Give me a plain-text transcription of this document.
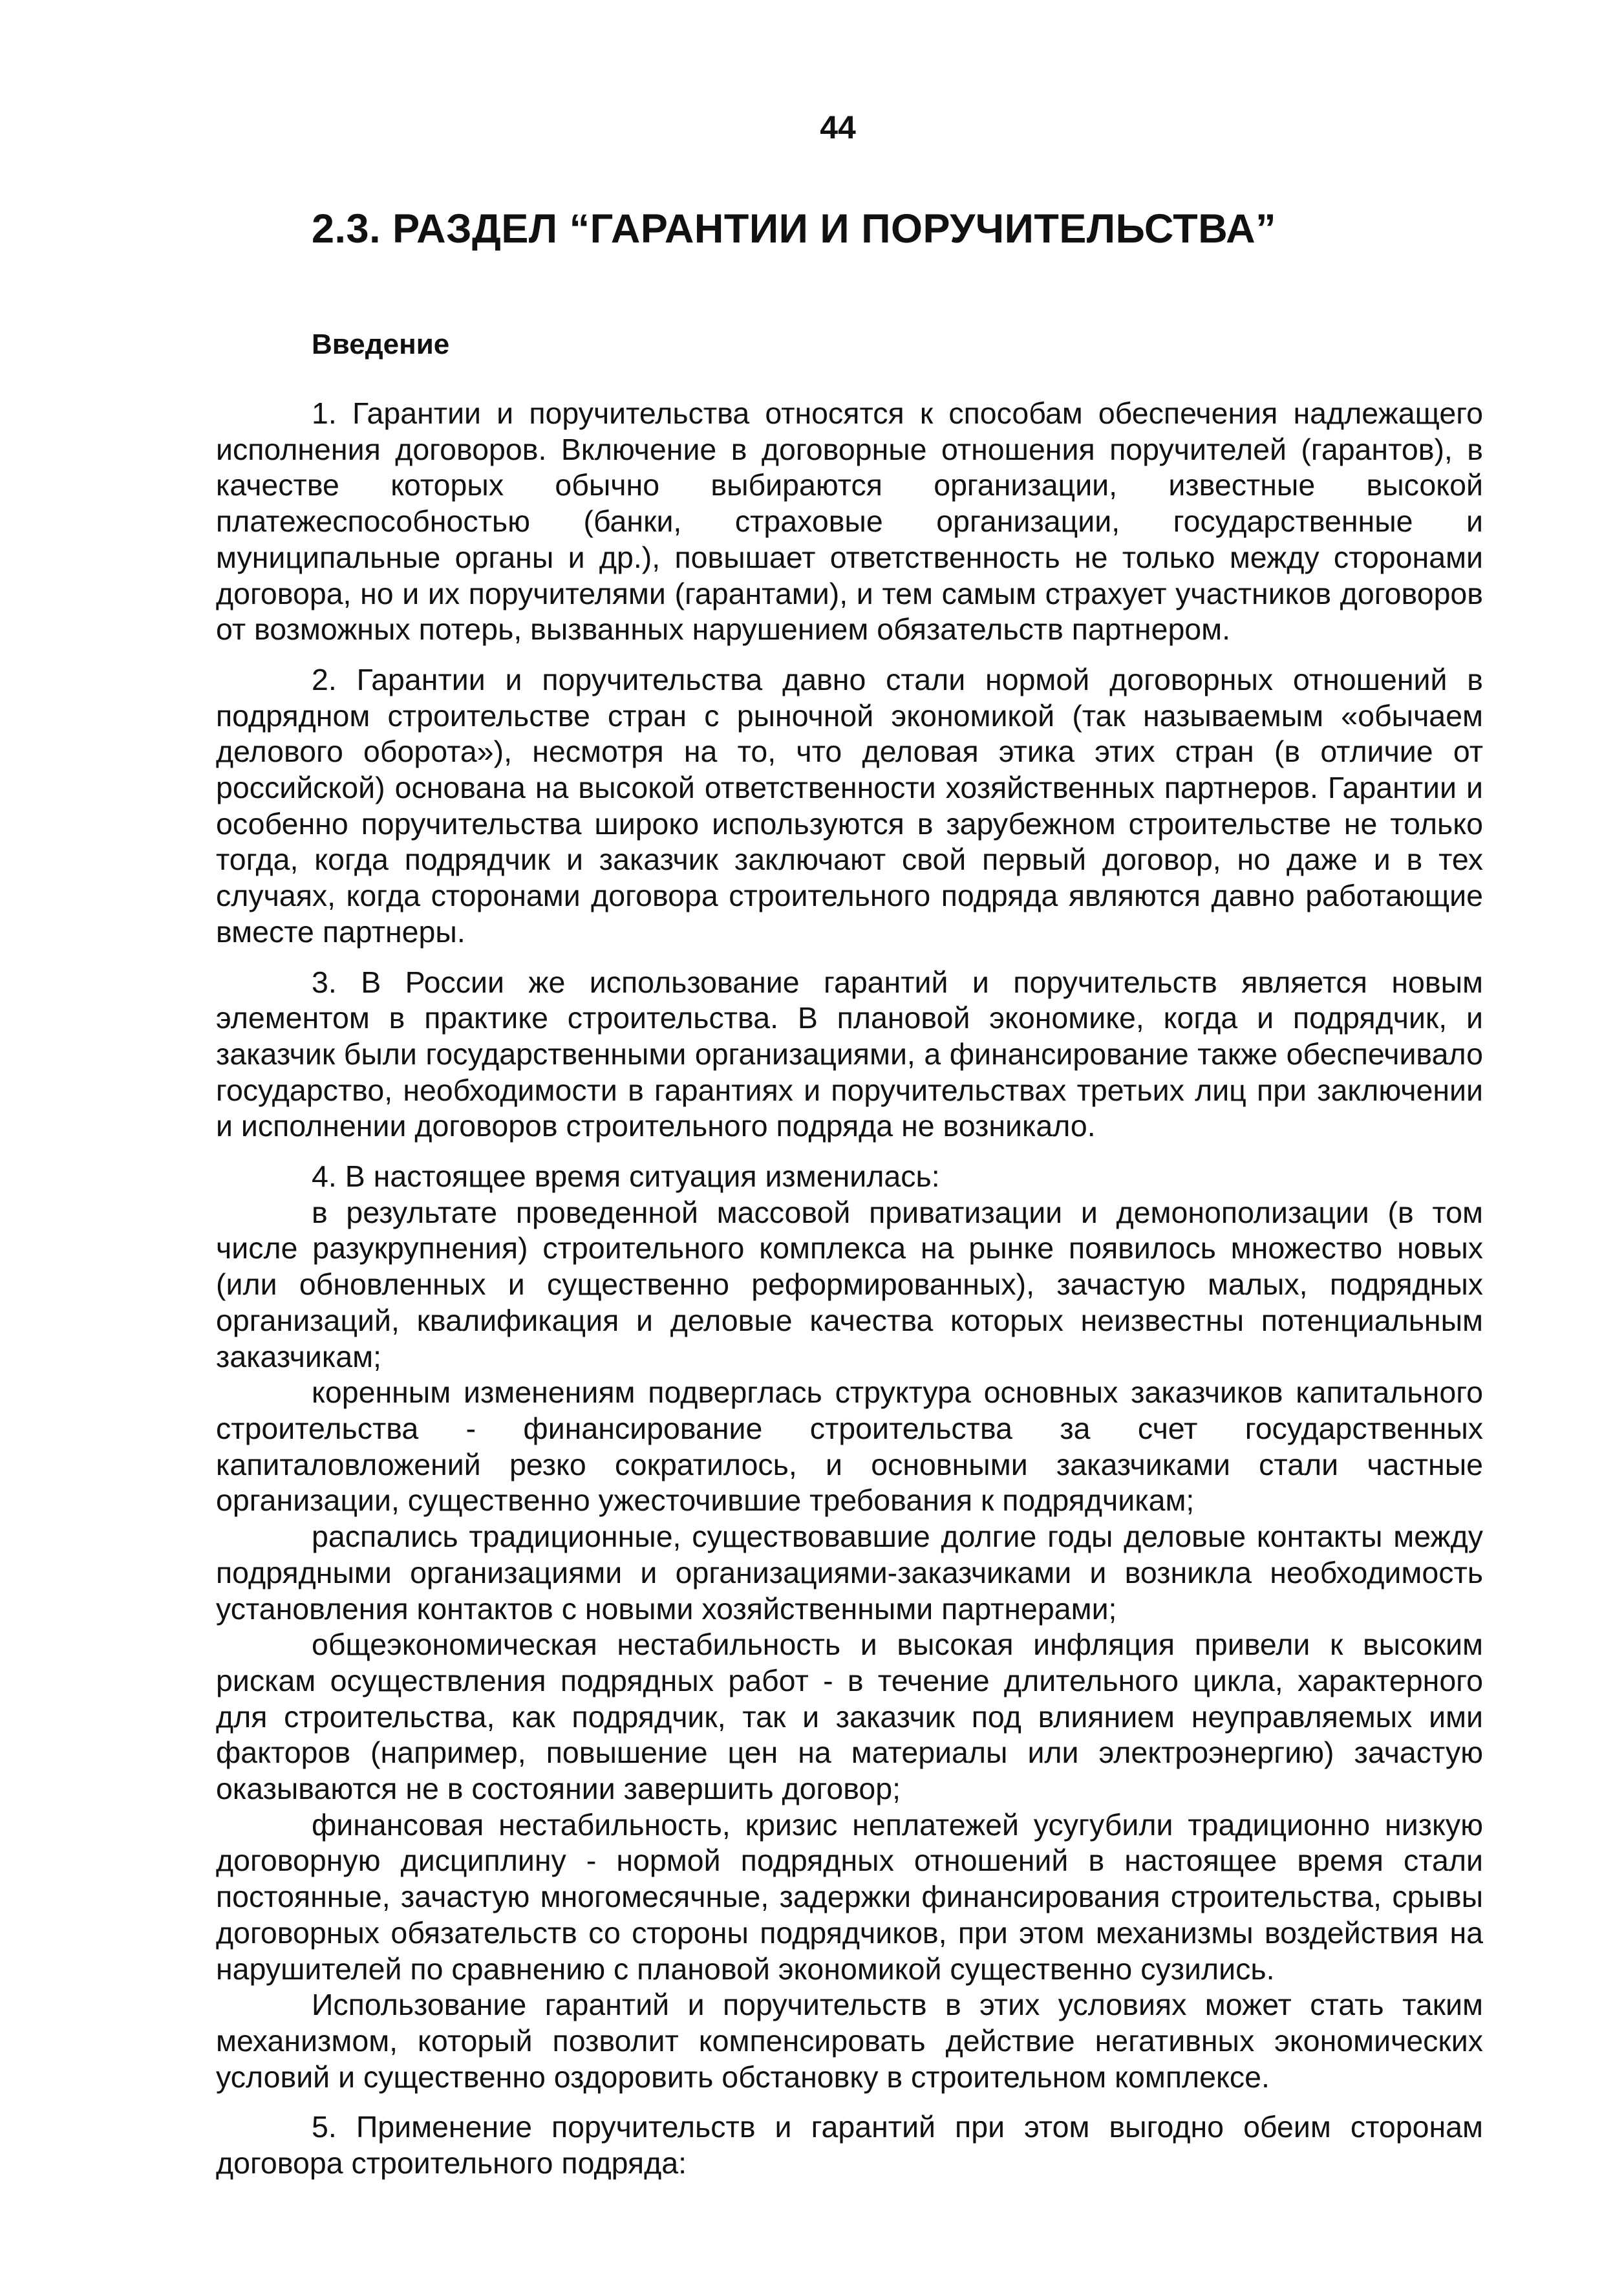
44
2.3. РАЗДЕЛ “ГАРАНТИИ И ПОРУЧИТЕЛЬСТВА”
Введение

1. Гарантии и поручительства относятся к способам обеспечения надлежащего исполнения договоров. Включение в договорные отношения поручителей (гарантов), в качестве которых обычно выбираются организации, известные высокой платежеспособностью (банки, страховые организации, государственные и муниципальные органы и др.), повышает ответственность не только между сторонами договора, но и их поручителями (гарантами), и тем самым страхует участников договоров от возможных потерь, вызванных нарушением обязательств партнером.

2. Гарантии и поручительства давно стали нормой договорных отношений в подрядном строительстве стран с рыночной экономикой (так называемым «обычаем делового оборота»), несмотря на то, что деловая этика этих стран (в отличие от российской) основана на высокой ответственности хозяйственных партнеров. Гарантии и особенно поручительства широко используются в зарубежном строительстве не только тогда, когда подрядчик и заказчик заключают свой первый договор, но даже и в тех случаях, когда сторонами договора строительного подряда являются давно работающие вместе партнеры.

3. В России же использование гарантий и поручительств является новым элементом в практике строительства. В плановой экономике, когда и подрядчик, и заказчик были государственными организациями, а финансирование также обеспечивало государство, необходимости в гарантиях и поручительствах третьих лиц при заключении и исполнении договоров строительного подряда не возникало.

4. В настоящее время ситуация изменилась:

в результате проведенной массовой приватизации и демонополизации (в том числе разукрупнения) строительного комплекса на рынке появилось множество новых (или обновленных и существенно реформированных), зачастую малых, подрядных организаций, квалификация и деловые качества которых неизвестны потенциальным заказчикам;

коренным изменениям подверглась структура основных заказчиков капитального строительства - финансирование строительства за счет государственных капиталовложений резко сократилось, и основными заказчиками стали частные организации, существенно ужесточившие требования к подрядчикам;

распались традиционные, существовавшие долгие годы деловые контакты между подрядными организациями и организациями-заказчиками и возникла необходимость установления контактов с новыми хозяйственными партнерами;

общеэкономическая нестабильность и высокая инфляция привели к высоким рискам осуществления подрядных работ - в течение длительного цикла, характерного для строительства, как подрядчик, так и заказчик под влиянием неуправляемых ими факторов (например, повышение цен на материалы или электроэнергию) зачастую оказываются не в состоянии завершить договор;

финансовая нестабильность, кризис неплатежей усугубили традиционно низкую договорную дисциплину - нормой подрядных отношений в настоящее время стали постоянные, зачастую многомесячные, задержки финансирования строительства, срывы договорных обязательств со стороны подрядчиков, при этом механизмы воздействия на нарушителей по сравнению с плановой экономикой существенно сузились.

Использование гарантий и поручительств в этих условиях может стать таким механизмом, который позволит компенсировать действие негативных экономических условий и существенно оздоровить обстановку в строительном комплексе.

5. Применение поручительств и гарантий при этом выгодно обеим сторонам договора строительного подряда:
